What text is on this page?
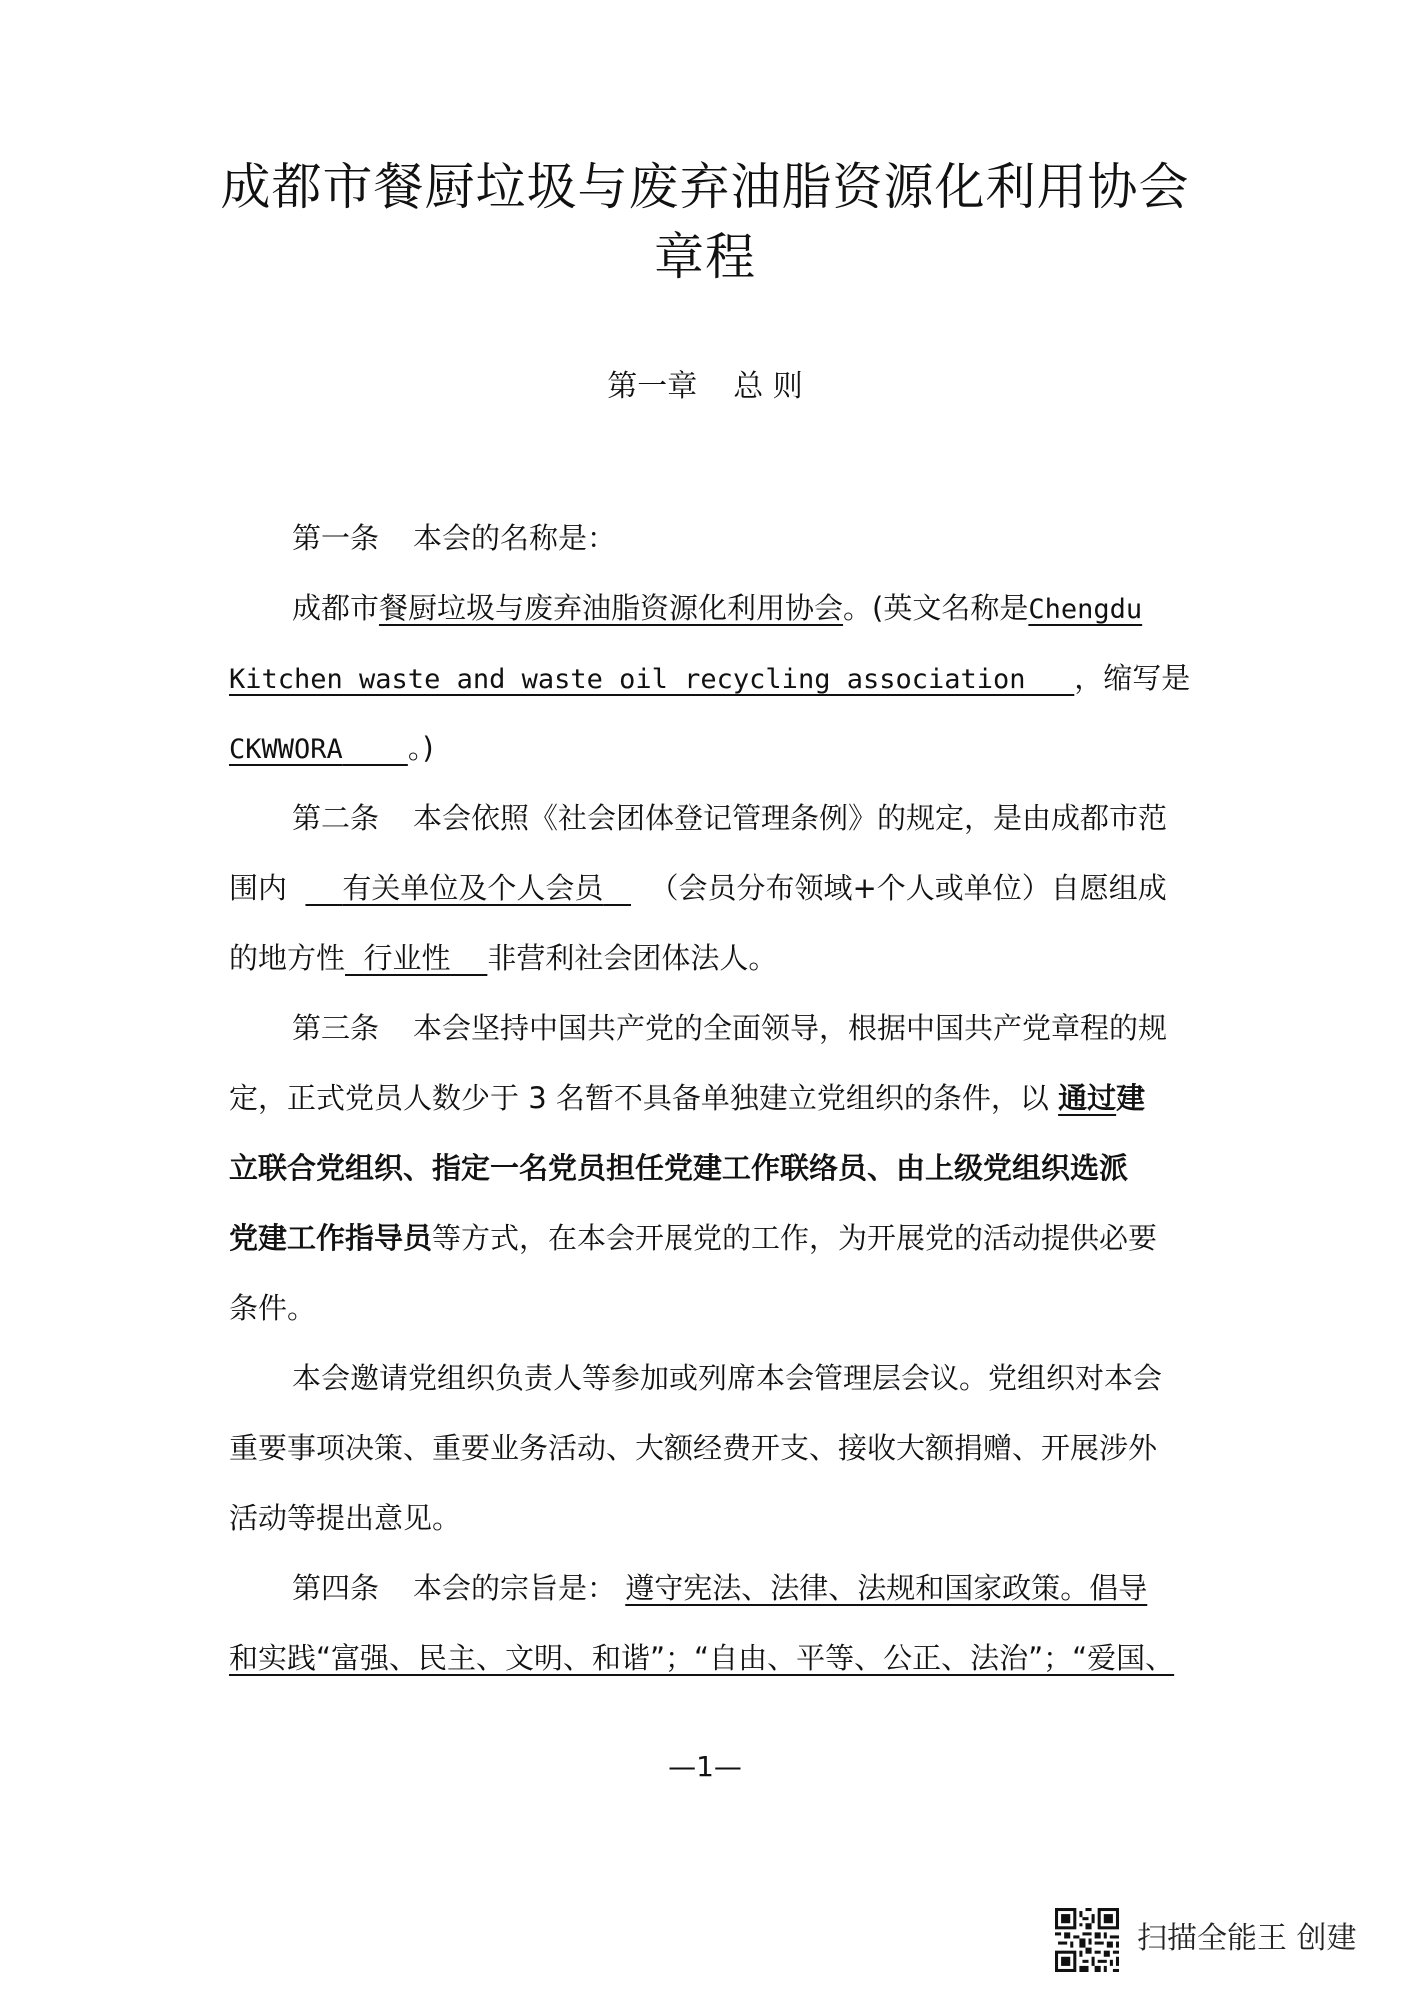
成都市餐厨垃圾与废弃油脂资源化利用协会
章程
第一章 总 则
第一条 本会的名称是：
成都市餐厨垃圾与废弃油脂资源化利用协会。(英文名称是Chengdu
Kitchen waste and waste oil recycling association ，缩写是
CKWWORA 。)
第二条 本会依照《社会团体登记管理条例》的规定，是由成都市范
围内 有关单位及个人会员 （会员分布领域+个人或单位）自愿组成
的地方性 行业性 非营利社会团体法人。
第三条 本会坚持中国共产党的全面领导，根据中国共产党章程的规
定，正式党员人数少于 3 名暂不具备单独建立党组织的条件，以 通过建
立联合党组织、指定一名党员担任党建工作联络员、由上级党组织选派
党建工作指导员等方式，在本会开展党的工作，为开展党的活动提供必要
条件。
本会邀请党组织负责人等参加或列席本会管理层会议。党组织对本会
重要事项决策、重要业务活动、大额经费开支、接收大额捐赠、开展涉外
活动等提出意见。
第四条 本会的宗旨是： 遵守宪法、法律、法规和国家政策。倡导
和实践“富强、民主、文明、和谐”；“自由、平等、公正、法治”；“爱国、
—1—
扫描全能王 创建
